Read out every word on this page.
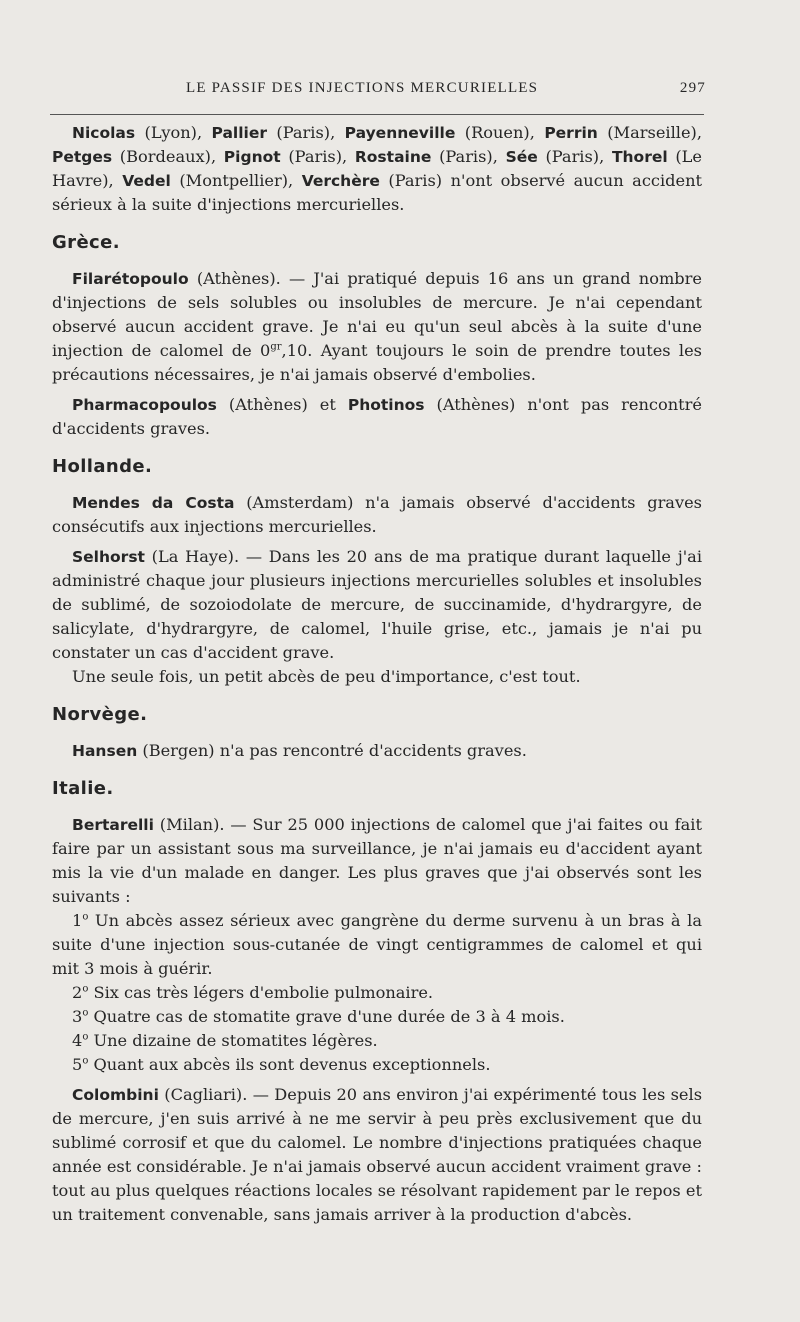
LE PASSIF DES INJECTIONS MERCURIELLES	297

Nicolas (Lyon), Pallier (Paris), Payenneville (Rouen), Perrin (Marseille), Petges (Bordeaux), Pignot (Paris), Rostaine (Paris), Sée (Paris), Thorel (Le Havre), Vedel (Montpellier), Verchère (Paris) n'ont observé aucun accident sérieux à la suite d'injections mercurielles.

Grèce.

Filarétopoulo (Athènes). — J'ai pratiqué depuis 16 ans un grand nombre d'injections de sels solubles ou insolubles de mercure. Je n'ai cependant observé aucun accident grave. Je n'ai eu qu'un seul abcès à la suite d'une injection de calomel de $0^{gr},10$. Ayant toujours le soin de prendre toutes les précautions nécessaires, je n'ai jamais observé d'embolies.

Pharmacopoulos (Athènes) et Photinos (Athènes) n'ont pas rencontré d'accidents graves.

Hollande.

Mendes da Costa (Amsterdam) n'a jamais observé d'accidents graves consécutifs aux injections mercurielles.

Selhorst (La Haye). — Dans les 20 ans de ma pratique durant laquelle j'ai administré chaque jour plusieurs injections mercurielles solubles et insolubles de sublimé, de sozoiodolate de mercure, de succinamide, d'hydrargyre, de salicylate, d'hydrargyre, de calomel, l'huile grise, etc., jamais je n'ai pu constater un cas d'accident grave.

Une seule fois, un petit abcès de peu d'importance, c'est tout.

Norvège.

Hansen (Bergen) n'a pas rencontré d'accidents graves.

Italie.

Bertarelli (Milan). — Sur 25 000 injections de calomel que j'ai faites ou fait faire par un assistant sous ma surveillance, je n'ai jamais eu d'accident ayant mis la vie d'un malade en danger. Les plus graves que j'ai observés sont les suivants :

1$^o$ Un abcès assez sérieux avec gangrène du derme survenu à un bras à la suite d'une injection sous-cutanée de vingt centigrammes de calomel et qui mit 3 mois à guérir.

2$^o$ Six cas très légers d'embolie pulmonaire.

3$^o$ Quatre cas de stomatite grave d'une durée de 3 à 4 mois.

4$^o$ Une dizaine de stomatites légères.

5$^o$ Quant aux abcès ils sont devenus exceptionnels.

Colombini (Cagliari). — Depuis 20 ans environ j'ai expérimenté tous les sels de mercure, j'en suis arrivé à ne me servir à peu près exclusivement que du sublimé corrosif et que du calomel. Le nombre d'injections pratiquées chaque année est considérable. Je n'ai jamais observé aucun accident vraiment grave : tout au plus quelques réactions locales se résolvant rapidement par le repos et un traitement convenable, sans jamais arriver à la production d'abcès.
